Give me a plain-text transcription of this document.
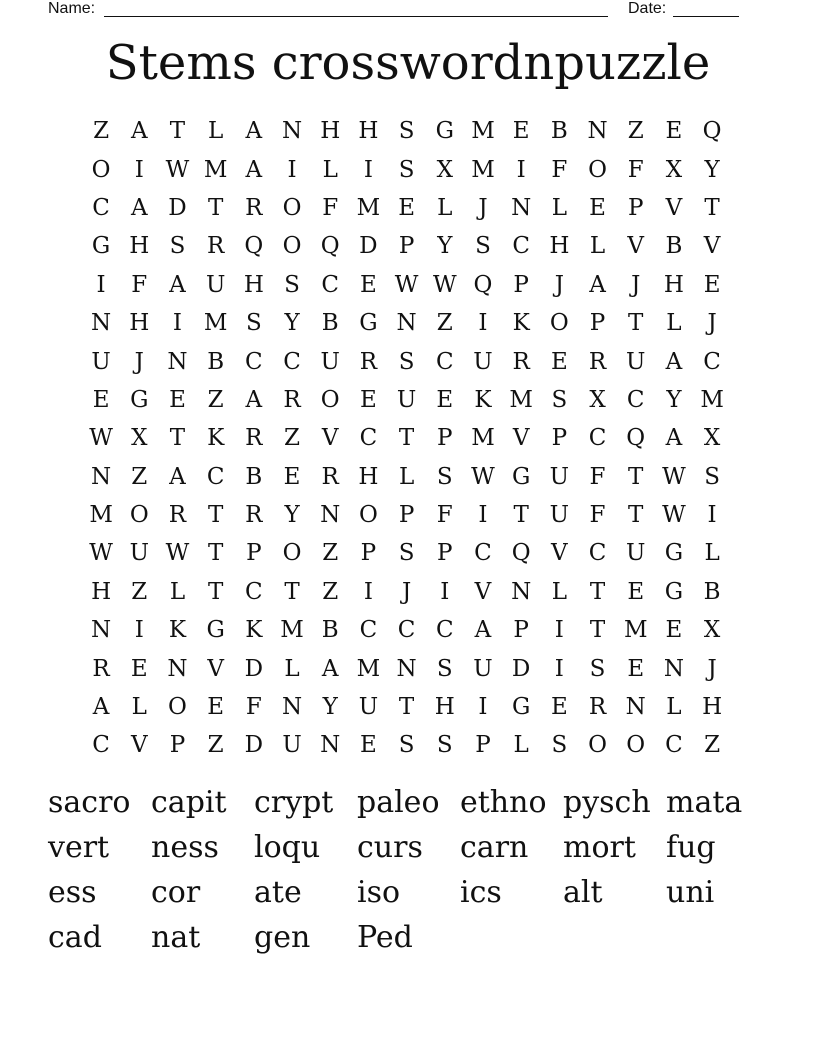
Name:	Date:
Stems crosswordnpuzzle
Z A T L A N H H S G M E B N Z E Q
O	I W M A	I	L	I	S X M I	F O F X Y
C A D T R O F M E L	J	N L E P V T
G H S R Q O Q D P Y S C H L V B V
I	F A U H S C E W W Q P	J	A	J	H E
N H	I M S Y B G N Z	I	K O P T L	J
U	J	N B C C U R S C U R E R U A C
E G E Z A R O E U E K M S X C Y M
W X T K R Z V C T P M V P C Q A X
N Z A C B E R H L S W G U F T W S
M O R T R Y N O P F	I	T U F T W I
W U W T P O Z P S P C Q V C U G L
H Z L T C T Z	I	J	I	V N L T E G B
N	I	K G K M B C C C A P	I	T M E X
R E N V D L A M N S U D	I	S E N	J
A L O E F N Y U T H	I	G E R N L H
C V P Z D U N E S S P L S O O C Z
sacro capit crypt paleo ethno pysch mata
vert	ness	loqu	curs	carn	mort	fug
ess	cor	ate	iso	ics	alt	uni
cad	nat	gen	Ped
